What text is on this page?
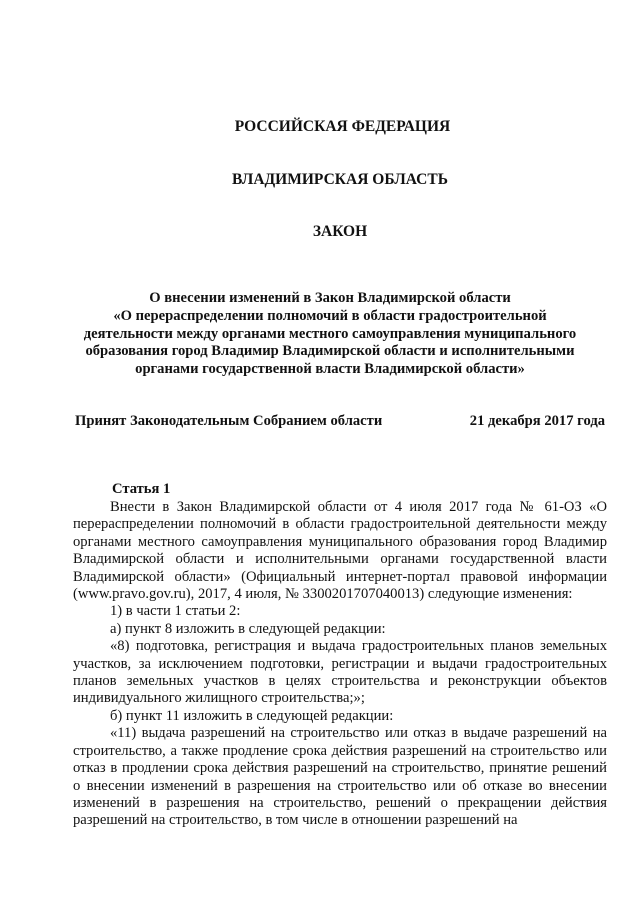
РОССИЙСКАЯ ФЕДЕРАЦИЯ
ВЛАДИМИРСКАЯ ОБЛАСТЬ
ЗАКОН
О внесении изменений в Закон Владимирской области
«О перераспределении полномочий в области градостроительной
деятельности между органами местного самоуправления муниципального
образования город Владимир Владимирской области и исполнительными
органами государственной власти Владимирской области»
Принят Законодательным Собранием области	21 декабря 2017 года
Статья 1

Внести в Закон Владимирской области от 4 июля 2017 года № 61-ОЗ «О перераспределении полномочий в области градостроительной деятельности между органами местного самоуправления муниципального образования город Владимир Владимирской области и исполнительными органами государственной власти Владимирской области» (Официальный интернет-портал правовой информации (www.pravo.gov.ru), 2017, 4 июля, № 3300201707040013) следующие изменения:

1) в части 1 статьи 2:

а) пункт 8 изложить в следующей редакции:

«8) подготовка, регистрация и выдача градостроительных планов земельных участков, за исключением подготовки, регистрации и выдачи градостроительных планов земельных участков в целях строительства и реконструкции объектов индивидуального жилищного строительства;»;

б) пункт 11 изложить в следующей редакции:

«11) выдача разрешений на строительство или отказ в выдаче разрешений на строительство, а также продление срока действия разрешений на строительство или отказ в продлении срока действия разрешений на строительство, принятие решений о внесении изменений в разрешения на строительство или об отказе во внесении изменений в разрешения на строительство, решений о прекращении действия разрешений на строительство, в том числе в отношении разрешений на
